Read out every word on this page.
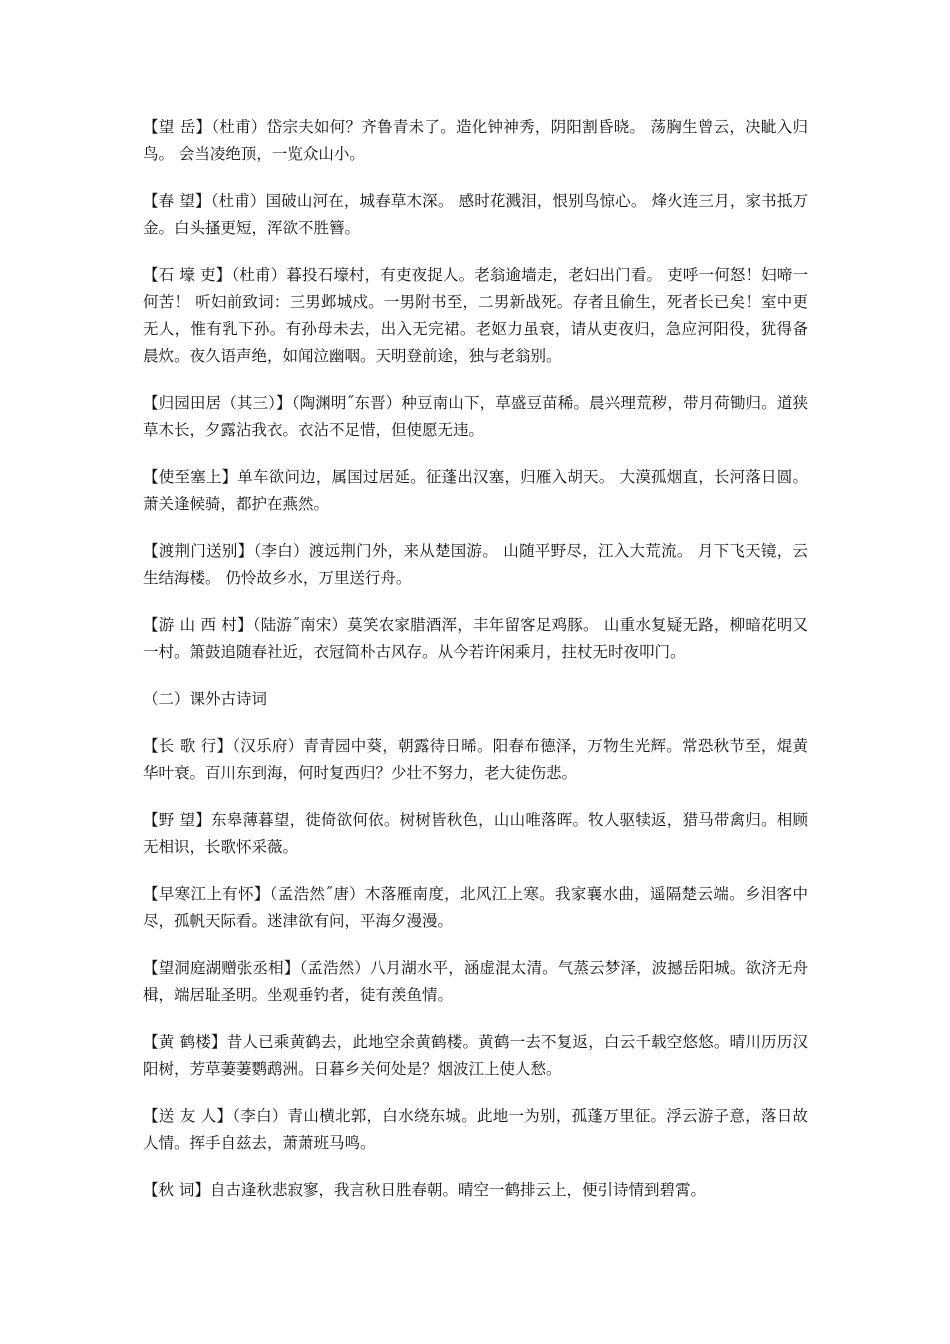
【望 岳】（杜甫）岱宗夫如何？齐鲁青未了。造化钟神秀，阴阳割昏晓。 荡胸生曾云，决眦入归鸟。 会当凌绝顶，一览众山小。
【春 望】（杜甫）国破山河在，城春草木深。 感时花溅泪，恨别鸟惊心。 烽火连三月，家书抵万金。白头搔更短，浑欲不胜簪。
【石 壕 吏】（杜甫）暮投石壕村，有吏夜捉人。老翁逾墙走，老妇出门看。 吏呼一何怒！妇啼一何苦！ 听妇前致词：三男邺城戍。一男附书至，二男新战死。存者且偷生，死者长已矣！室中更无人，惟有乳下孙。有孙母未去，出入无完裙。老妪力虽衰，请从吏夜归，急应河阳役，犹得备晨炊。夜久语声绝，如闻泣幽咽。天明登前途，独与老翁别。
【归园田居（其三）】（陶渊明˝东晋）种豆南山下，草盛豆苗稀。晨兴理荒秽，带月荷锄归。道狭草木长，夕露沾我衣。衣沾不足惜，但使愿无违。
【使至塞上】单车欲问边，属国过居延。征蓬出汉塞，归雁入胡天。 大漠孤烟直，长河落日圆。 萧关逢候骑，都护在燕然。
【渡荆门送别】（李白）渡远荆门外，来从楚国游。 山随平野尽，江入大荒流。 月下飞天镜，云生结海楼。 仍怜故乡水，万里送行舟。
【游 山 西 村】（陆游˝南宋）莫笑农家腊酒浑，丰年留客足鸡豚。 山重水复疑无路，柳暗花明又一村。箫鼓追随春社近，衣冠简朴古风存。从今若许闲乘月，拄杖无时夜叩门。
（二）课外古诗词
【长 歌 行】（汉乐府）青青园中葵，朝露待日晞。阳春布德泽，万物生光辉。常恐秋节至，焜黄华叶衰。百川东到海，何时复西归？少壮不努力，老大徒伤悲。
【野 望】东皋薄暮望，徙倚欲何依。树树皆秋色，山山唯落晖。牧人驱犊返，猎马带禽归。相顾无相识，长歌怀采薇。
【早寒江上有怀】（孟浩然˝唐）木落雁南度，北风江上寒。我家襄水曲，遥隔楚云端。乡泪客中尽，孤帆天际看。迷津欲有问，平海夕漫漫。
【望洞庭湖赠张丞相】（孟浩然）八月湖水平，涵虚混太清。气蒸云梦泽，波撼岳阳城。欲济无舟楫，端居耻圣明。坐观垂钓者，徒有羡鱼情。
【黄 鹤楼】昔人已乘黄鹤去，此地空余黄鹤楼。黄鹤一去不复返，白云千载空悠悠。晴川历历汉阳树，芳草萋萋鹦鹉洲。日暮乡关何处是？烟波江上使人愁。
【送 友 人】（李白）青山横北郭，白水绕东城。此地一为别，孤蓬万里征。浮云游子意，落日故人情。挥手自兹去，萧萧班马鸣。
【秋 词】自古逢秋悲寂寥，我言秋日胜春朝。晴空一鹤排云上，便引诗情到碧霄。
